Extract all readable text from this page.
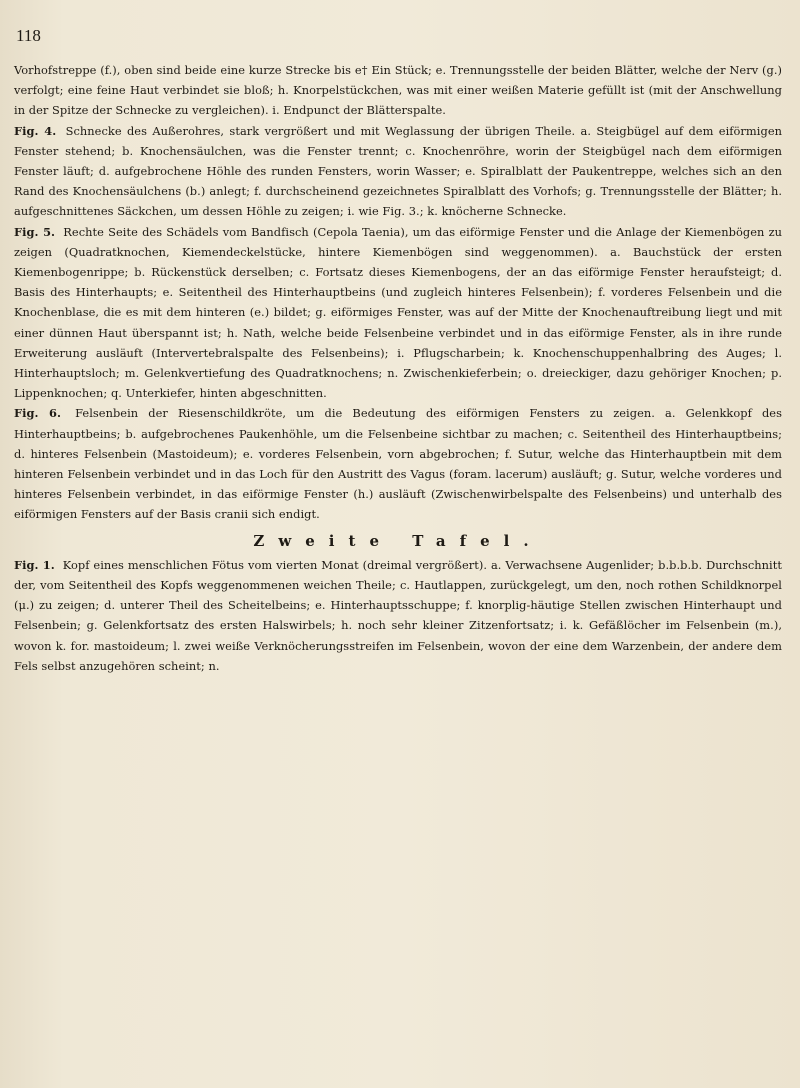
118

Vorhofstreppe (f.), oben sind beide eine kurze Strecke bis e† Ein Stück; e. Trennungsstelle der beiden Blätter, welche der Nerv (g.) verfolgt; eine feine Haut verbindet sie bloß; h. Knorpelstückchen, was mit einer weißen Materie gefüllt ist (mit der Anschwellung in der Spitze der Schnecke zu vergleichen). i. Endpunct der Blätterspalte.

Fig. 4. Schnecke des Außerohres, stark vergrößert und mit Weglassung der übrigen Theile. a. Steigbügel auf dem eiförmigen Fenster stehend; b. Knochensäulchen, was die Fenster trennt; c. Knochenröhre, worin der Steigbügel nach dem eiförmigen Fenster läuft; d. aufgebrochene Höhle des runden Fensters, worin Wasser; e. Spiralblatt der Paukentreppe, welches sich an den Rand des Knochensäulchens (b.) anlegt; f. durchscheinend gezeichnetes Spiralblatt des Vorhofs; g. Trennungsstelle der Blätter; h. aufgeschnittenes Säckchen, um dessen Höhle zu zeigen; i. wie Fig. 3.; k. knöcherne Schnecke.

Fig. 5. Rechte Seite des Schädels vom Bandfisch (Cepola Taenia), um das eiförmige Fenster und die Anlage der Kiemenbögen zu zeigen (Quadratknochen, Kiemendeckelstücke, hintere Kiemenbögen sind weggenommen). a. Bauchstück der ersten Kiemenbogenrippe; b. Rückenstück derselben; c. Fortsatz dieses Kiemenbogens, der an das eiförmige Fenster heraufsteigt; d. Basis des Hinterhaupts; e. Seitentheil des Hinterhauptbeins (und zugleich hinteres Felsenbein); f. vorderes Felsenbein und die Knochenblase, die es mit dem hinteren (e.) bildet; g. eiförmiges Fenster, was auf der Mitte der Knochenauftreibung liegt und mit einer dünnen Haut überspannt ist; h. Nath, welche beide Felsenbeine verbindet und in das eiförmige Fenster, als in ihre runde Erweiterung ausläuft (Intervertebralspalte des Felsenbeins); i. Pflugscharbein; k. Knochenschuppenhalbring des Auges; l. Hinterhauptsloch; m. Gelenkvertiefung des Quadratknochens; n. Zwischenkieferbein; o. dreieckiger, dazu gehöriger Knochen; p. Lippenknochen; q. Unterkiefer, hinten abgeschnitten.

Fig. 6. Felsenbein der Riesenschildkröte, um die Bedeutung des eiförmigen Fensters zu zeigen. a. Gelenkkopf des Hinterhauptbeins; b. aufgebrochenes Paukenhöhle, um die Felsenbeine sichtbar zu machen; c. Seitentheil des Hinterhauptbeins; d. hinteres Felsenbein (Mastoideum); e. vorderes Felsenbein, vorn abgebrochen; f. Sutur, welche das Hinterhauptbein mit dem hinteren Felsenbein verbindet und in das Loch für den Austritt des Vagus (foram. lacerum) ausläuft; g. Sutur, welche vorderes und hinteres Felsenbein verbindet, in das eiförmige Fenster (h.) ausläuft (Zwischenwirbelspalte des Felsenbeins) und unterhalb des eiförmigen Fensters auf der Basis cranii sich endigt.

Zweite Tafel.

Fig. 1. Kopf eines menschlichen Fötus vom vierten Monat (dreimal vergrößert). a. Verwachsene Augenlider; b.b.b.b. Durchschnitt der, vom Seitentheil des Kopfs weggenommenen weichen Theile; c. Hautlappen, zurückgelegt, um den, noch rothen Schildknorpel (μ.) zu zeigen; d. unterer Theil des Scheitelbeins; e. Hinterhauptsschuppe; f. knorplig-häutige Stellen zwischen Hinterhaupt und Felsenbein; g. Gelenkfortsatz des ersten Halswirbels; h. noch sehr kleiner Zitzenfortsatz; i. k. Gefäßlöcher im Felsenbein (m.), wovon k. for. mastoideum; l. zwei weiße Verknöcherungsstreifen im Felsenbein, wovon der eine dem Warzenbein, der andere dem Fels selbst anzugehören scheint; n.
